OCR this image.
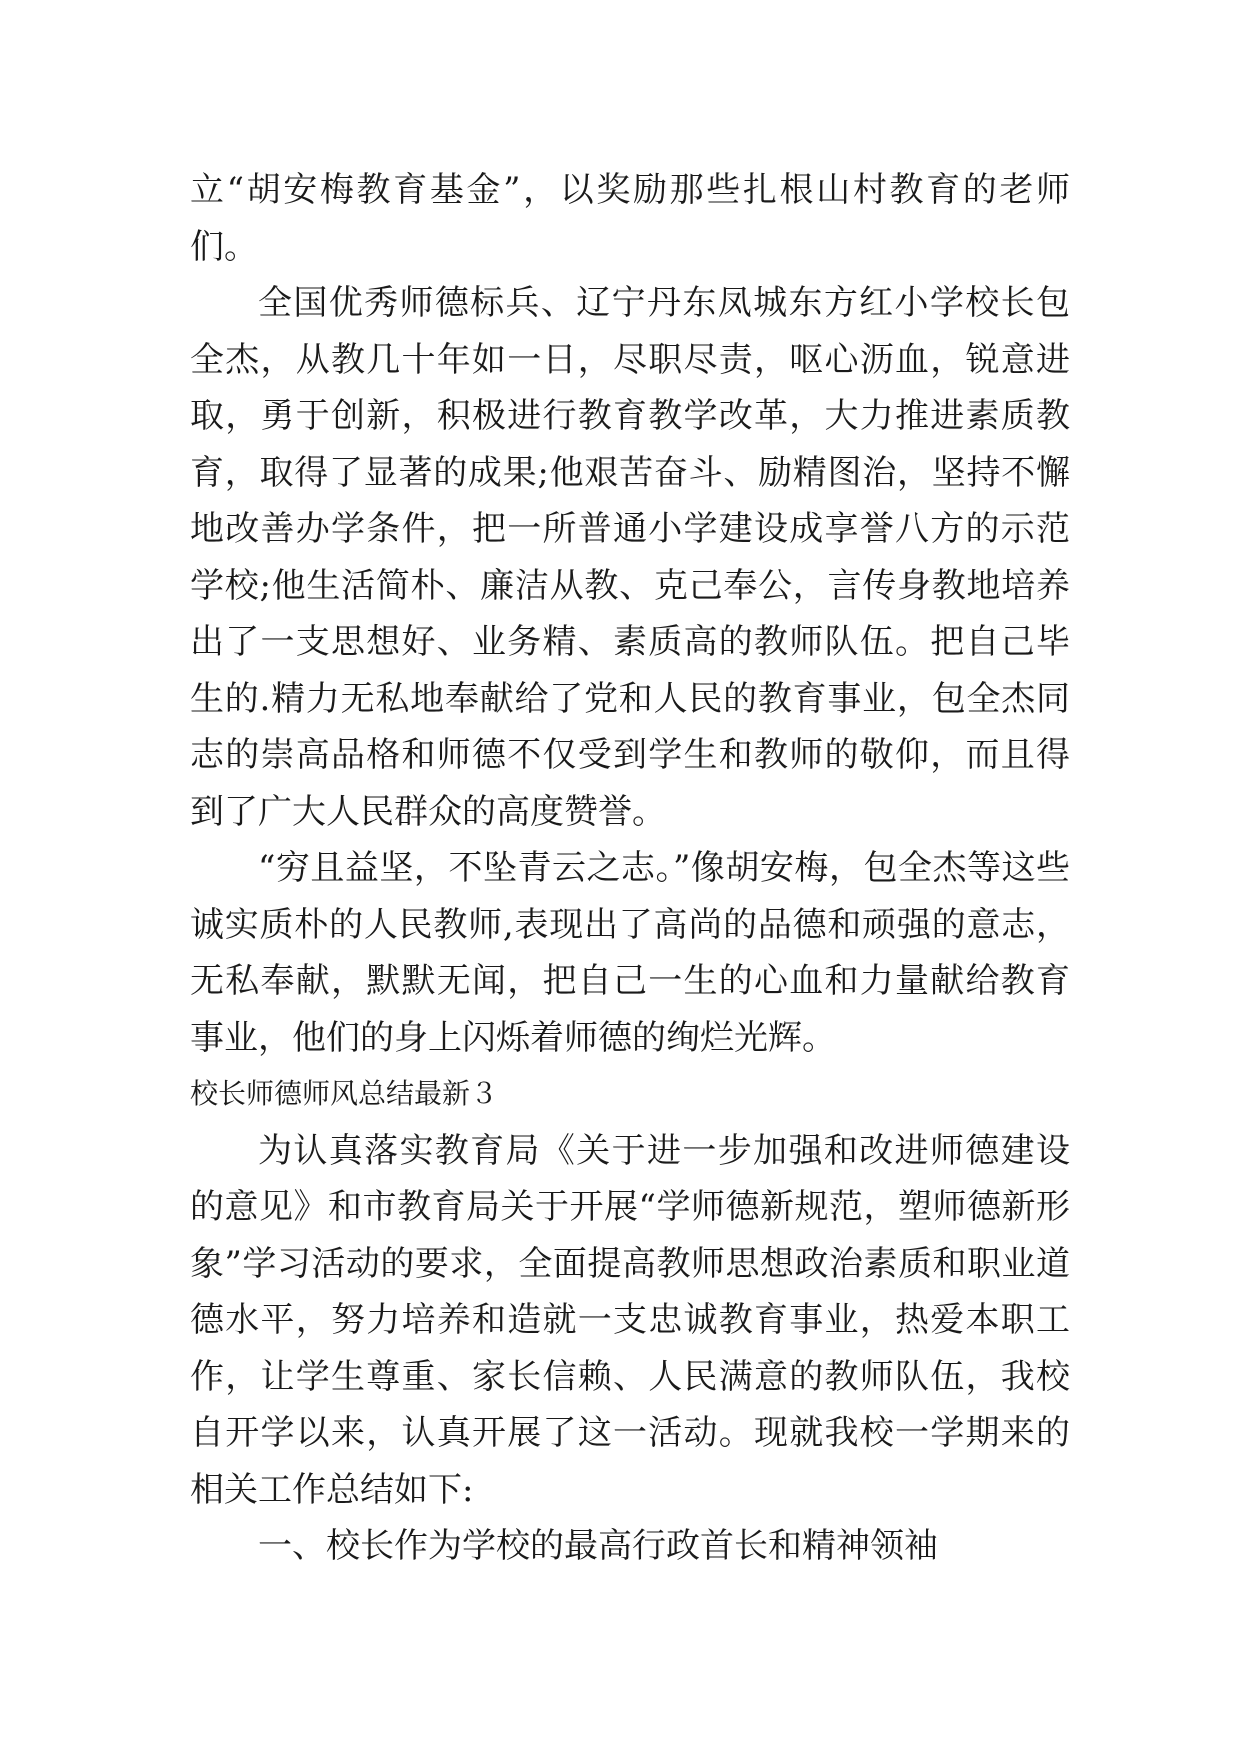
立“胡安梅教育基金”，以奖励那些扎根山村教育的老师们。

全国优秀师德标兵、辽宁丹东凤城东方红小学校长包全杰，从教几十年如一日，尽职尽责，呕心沥血，锐意进取，勇于创新，积极进行教育教学改革，大力推进素质教育，取得了显著的成果;他艰苦奋斗、励精图治，坚持不懈地改善办学条件，把一所普通小学建设成享誉八方的示范学校;他生活简朴、廉洁从教、克己奉公，言传身教地培养出了一支思想好、业务精、素质高的教师队伍。把自己毕生的.精力无私地奉献给了党和人民的教育事业，包全杰同志的崇高品格和师德不仅受到学生和教师的敬仰，而且得到了广大人民群众的高度赞誉。

“穷且益坚，不坠青云之志。”像胡安梅，包全杰等这些诚实质朴的人民教师,表现出了高尚的品德和顽强的意志，无私奉献，默默无闻，把自己一生的心血和力量献给教育事业，他们的身上闪烁着师德的绚烂光辉。

校长师德师风总结最新３

为认真落实教育局《关于进一步加强和改进师德建设的意见》和市教育局关于开展“学师德新规范，塑师德新形象”学习活动的要求，全面提高教师思想政治素质和职业道德水平，努力培养和造就一支忠诚教育事业，热爱本职工作，让学生尊重、家长信赖、人民满意的教师队伍，我校自开学以来，认真开展了这一活动。现就我校一学期来的相关工作总结如下:

一、校长作为学校的最高行政首长和精神领袖
